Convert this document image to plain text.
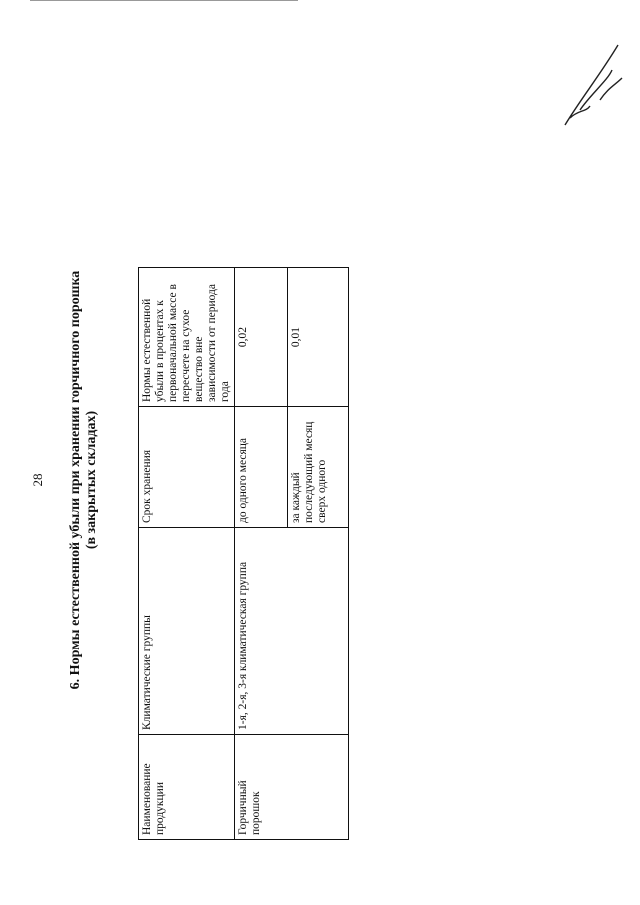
28 6. Нормы естественной убыли при хранении горчичного порошка (в закрытых складах)
Наименование продукции	Климатические группы	Срок хранения	Нормы естественной убыли в процентах к первоначальной массе в пересчете на сухое вещество вне зависимости от периода года
Горчичный порошок	1-я, 2-я, 3-я климатическая группа	до одного месяца	0,02
		за каждый последующий месяц сверх одного	0,01
